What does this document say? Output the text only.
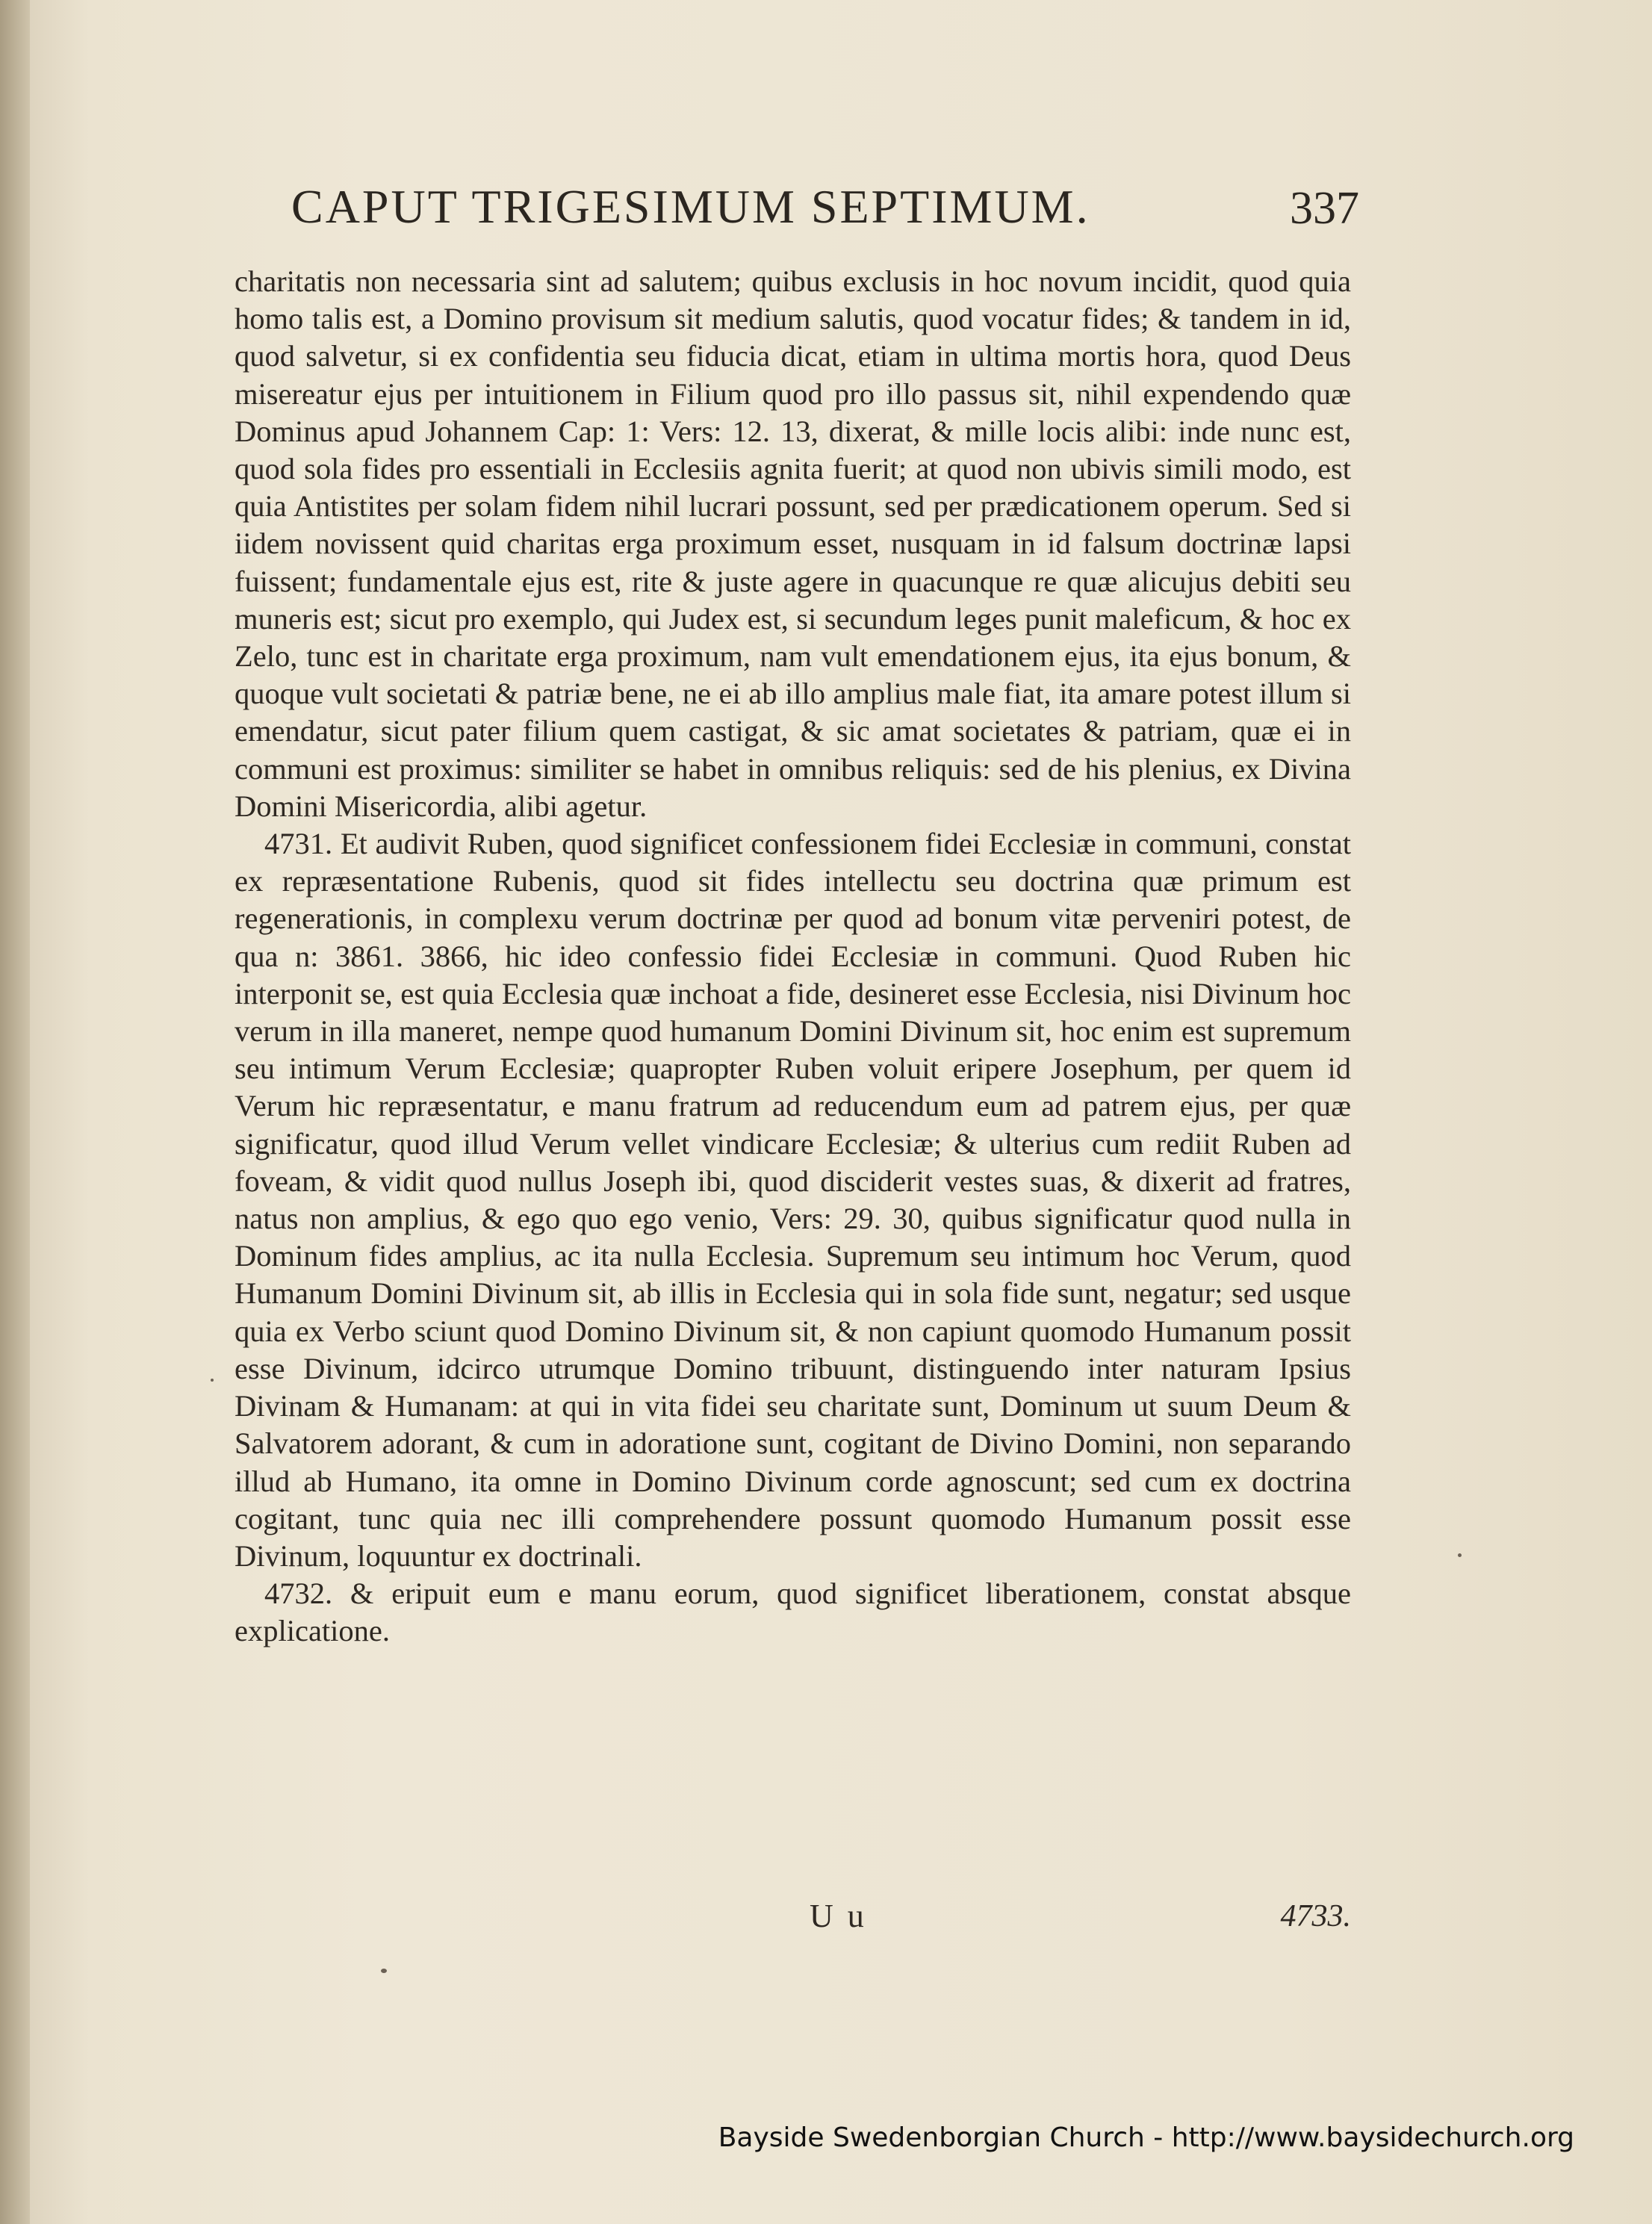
CAPUT TRIGESIMUM SEPTIMUM.	337

charitatis non necessaria sint ad salutem; quibus exclusis in hoc novum incidit, quod quia homo talis est, a Domino provisum sit medium salutis, quod vocatur fides; & tandem in id, quod salvetur, si ex confidentia seu fiducia dicat, etiam in ultima mortis hora, quod Deus misereatur ejus per intuitionem in Filium quod pro illo passus sit, nihil expendendo quæ Dominus apud Johannem Cap: 1: Vers: 12. 13, dixerat, & mille locis alibi: inde nunc est, quod sola fides pro essentiali in Ecclesiis agnita fuerit; at quod non ubivis simili modo, est quia Antistites per solam fidem nihil lucrari possunt, sed per prædicationem operum. Sed si iidem novissent quid charitas erga proximum esset, nusquam in id falsum doctrinæ lapsi fuissent; fundamentale ejus est, rite & juste agere in quacunque re quæ alicujus debiti seu muneris est; sicut pro exemplo, qui Judex est, si secundum leges punit maleficum, & hoc ex Zelo, tunc est in charitate erga proximum, nam vult emendationem ejus, ita ejus bonum, & quoque vult societati & patriæ bene, ne ei ab illo amplius male fiat, ita amare potest illum si emendatur, sicut pater filium quem castigat, & sic amat societates & patriam, quæ ei in communi est proximus: similiter se habet in omnibus reliquis: sed de his plenius, ex Divina Domini Misericordia, alibi agetur.

4731. Et audivit Ruben, quod significet confessionem fidei Ecclesiæ in communi, constat ex repræsentatione Rubenis, quod sit fides intellectu seu doctrina quæ primum est regenerationis, in complexu verum doctrinæ per quod ad bonum vitæ perveniri potest, de qua n: 3861. 3866, hic ideo confessio fidei Ecclesiæ in communi. Quod Ruben hic interponit se, est quia Ecclesia quæ inchoat a fide, desineret esse Ecclesia, nisi Divinum hoc verum in illa maneret, nempe quod humanum Domini Divinum sit, hoc enim est supremum seu intimum Verum Ecclesiæ; quapropter Ruben voluit eripere Josephum, per quem id Verum hic repræsentatur, e manu fratrum ad reducendum eum ad patrem ejus, per quæ significatur, quod illud Verum vellet vindicare Ecclesiæ; & ulterius cum rediit Ruben ad foveam, & vidit quod nullus Joseph ibi, quod disciderit vestes suas, & dixerit ad fratres, natus non amplius, & ego quo ego venio, Vers: 29. 30, quibus significatur quod nulla in Dominum fides amplius, ac ita nulla Ecclesia. Supremum seu intimum hoc Verum, quod Humanum Domini Divinum sit, ab illis in Ecclesia qui in sola fide sunt, negatur; sed usque quia ex Verbo sciunt quod Domino Divinum sit, & non capiunt quomodo Humanum possit esse Divinum, idcirco utrumque Domino tribuunt, distinguendo inter naturam Ipsius Divinam & Humanam: at qui in vita fidei seu charitate sunt, Dominum ut suum Deum & Salvatorem adorant, & cum in adoratione sunt, cogitant de Divino Domini, non separando illud ab Humano, ita omne in Domino Divinum corde agnoscunt; sed cum ex doctrina cogitant, tunc quia nec illi comprehendere possunt quomodo Humanum possit esse Divinum, loquuntur ex doctrinali.

4732. & eripuit eum e manu eorum, quod significet liberationem, constat absque explicatione.

U u	4733.
Bayside Swedenborgian Church - http://www.baysidechurch.org
